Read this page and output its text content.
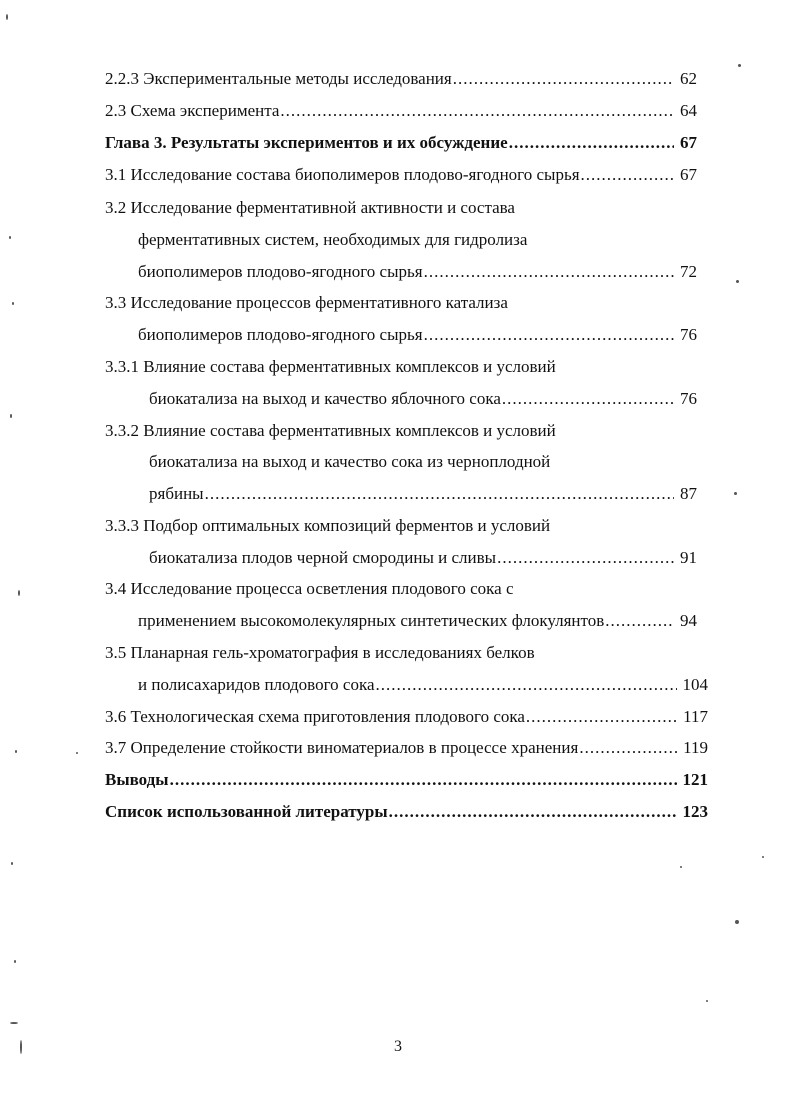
2.2.3 Экспериментальные методы исследования .....	62
2.3 Схема эксперимента .....	64
Глава 3. Результаты экспериментов и их обсуждение .....	67
3.1 Исследование состава биополимеров плодово-ягодного сырья .....	67
3.2 Исследование ферментативной активности и состава
ферментативных систем, необходимых для гидролиза
биополимеров плодово-ягодного сырья .....	72
3.3 Исследование процессов ферментативного катализа
биополимеров плодово-ягодного сырья .....	76
3.3.1 Влияние состава ферментативных комплексов и условий
биокатализа на выход и качество яблочного сока .....	76
3.3.2 Влияние состава ферментативных комплексов и условий
биокатализа на выход и качество сока из черноплодной
рябины .....	87
3.3.3 Подбор оптимальных композиций ферментов и условий
биокатализа плодов черной смородины и сливы .....	91
3.4 Исследование процесса осветления плодового сока с
применением высокомолекулярных синтетических флокулянтов .....	94
3.5 Планарная гель-хроматография в исследованиях белков
и полисахаридов плодового сока .....	104
3.6 Технологическая схема приготовления плодового сока .....	117
3.7 Определение стойкости виноматериалов в процессе хранения .....	119
Выводы .....	121
Список использованной литературы .....	123
3
